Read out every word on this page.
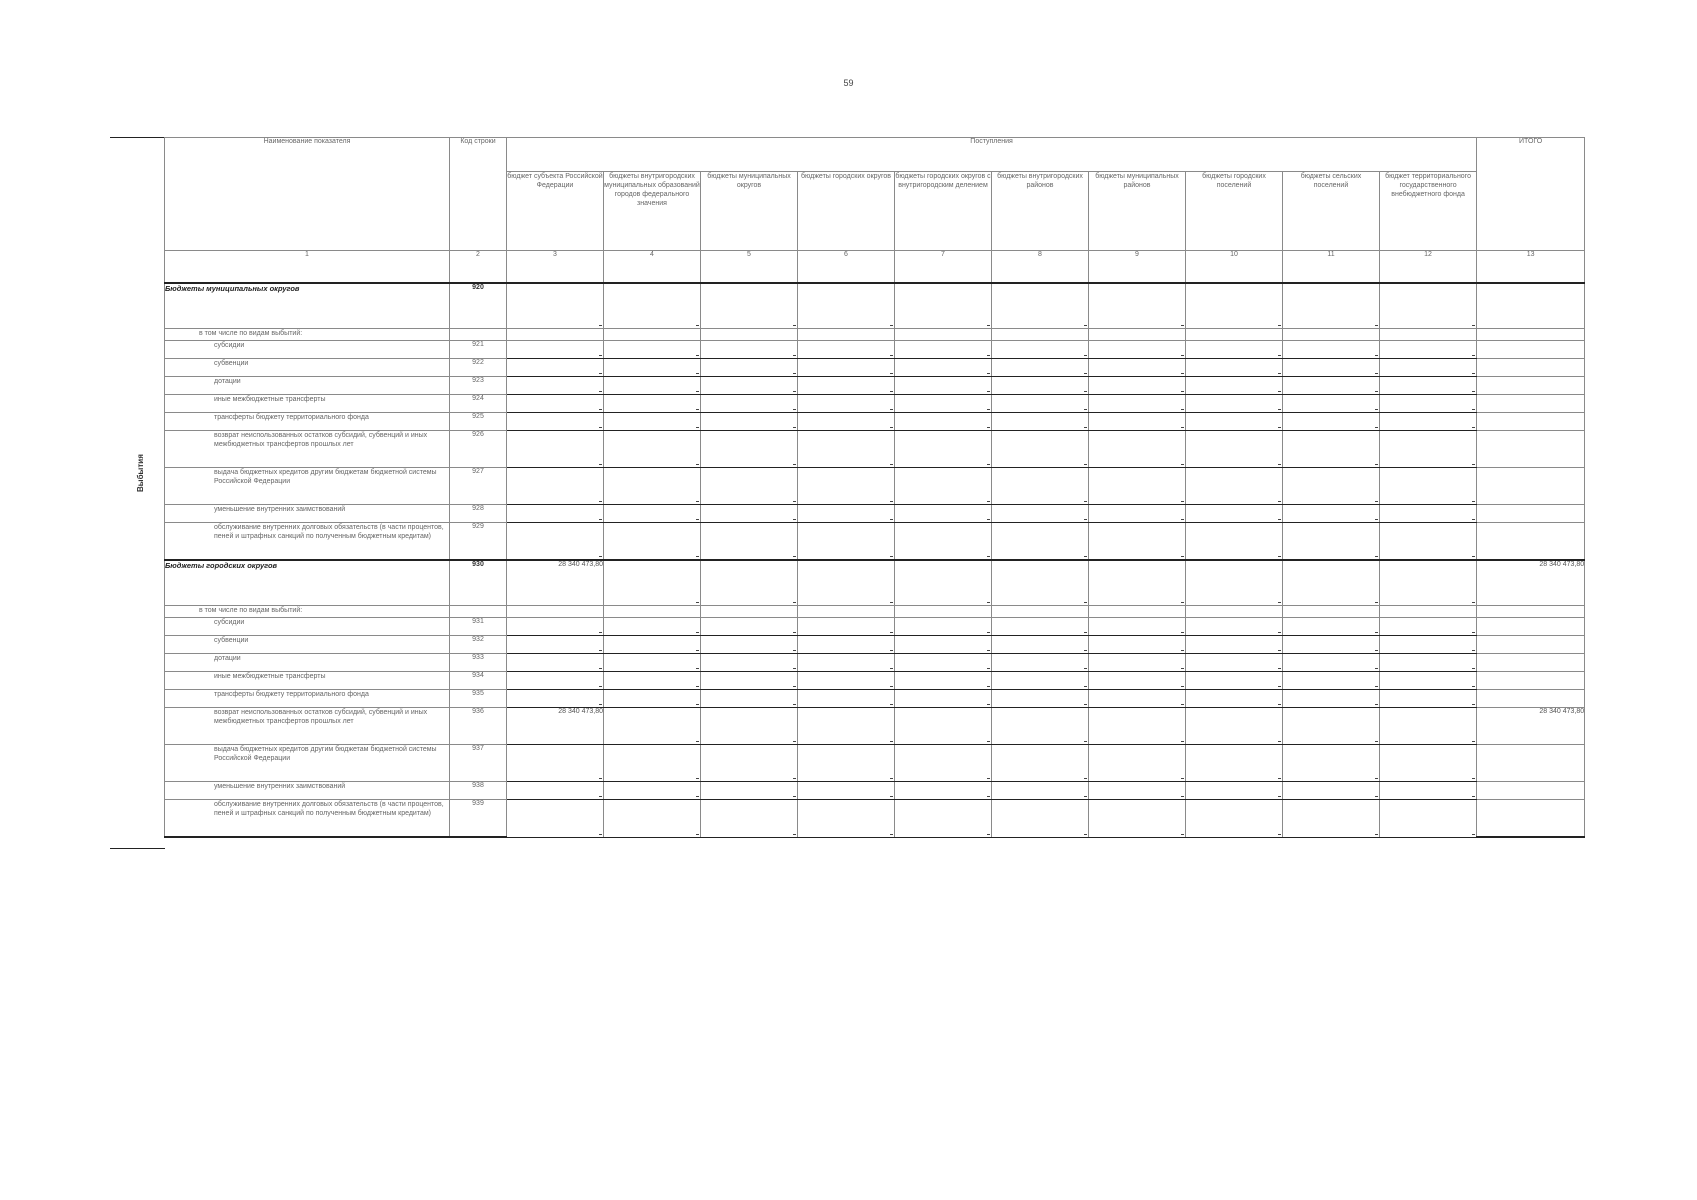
59
Выбытия
Наименование показателя	Код строки	Поступления										ИТОГО
		бюджет субъекта Российской Федерации	бюджеты внутригородских муниципальных образований городов федерального значения	бюджеты муниципальных округов	бюджеты городских округов	бюджеты городских округов с внутригородским делением	бюджеты внутригородских районов	бюджеты муниципальных районов	бюджеты городских поселений	бюджеты сельских поселений	бюджет территориального государственного внебюджетного фонда	
1	2	3	4	5	6	7	8	9	10	11	12	13
Бюджеты муниципальных округов	920	

в том числе по видам выбытий:												
субсидии	921	

субвенции	922	

дотации	923	

иные межбюджетные трансферты	924	

трансферты бюджету территориального фонда	925	

возврат неиспользованных остатков субсидий, субвенций и иных межбюджетных трансфертов прошлых лет	926	

выдача бюджетных кредитов другим бюджетам бюджетной системы Российской Федерации	927	

уменьшение внутренних заимствований	928	

обслуживание внутренних долговых обязательств (в части процентов, пеней и штрафных санкций по полученным бюджетным кредитам)	929	

Бюджеты городских округов	930	28 340 473,80										28 340 473,80
в том числе по видам выбытий:												
субсидии	931	

субвенции	932	

дотации	933	

иные межбюджетные трансферты	934	

трансферты бюджету территориального фонда	935	

возврат неиспользованных остатков субсидий, субвенций и иных межбюджетных трансфертов прошлых лет	936	28 340 473,80										28 340 473,80
выдача бюджетных кредитов другим бюджетам бюджетной системы Российской Федерации	937	

уменьшение внутренних заимствований	938	

обслуживание внутренних долговых обязательств (в части процентов, пеней и штрафных санкций по полученным бюджетным кредитам)	939	
